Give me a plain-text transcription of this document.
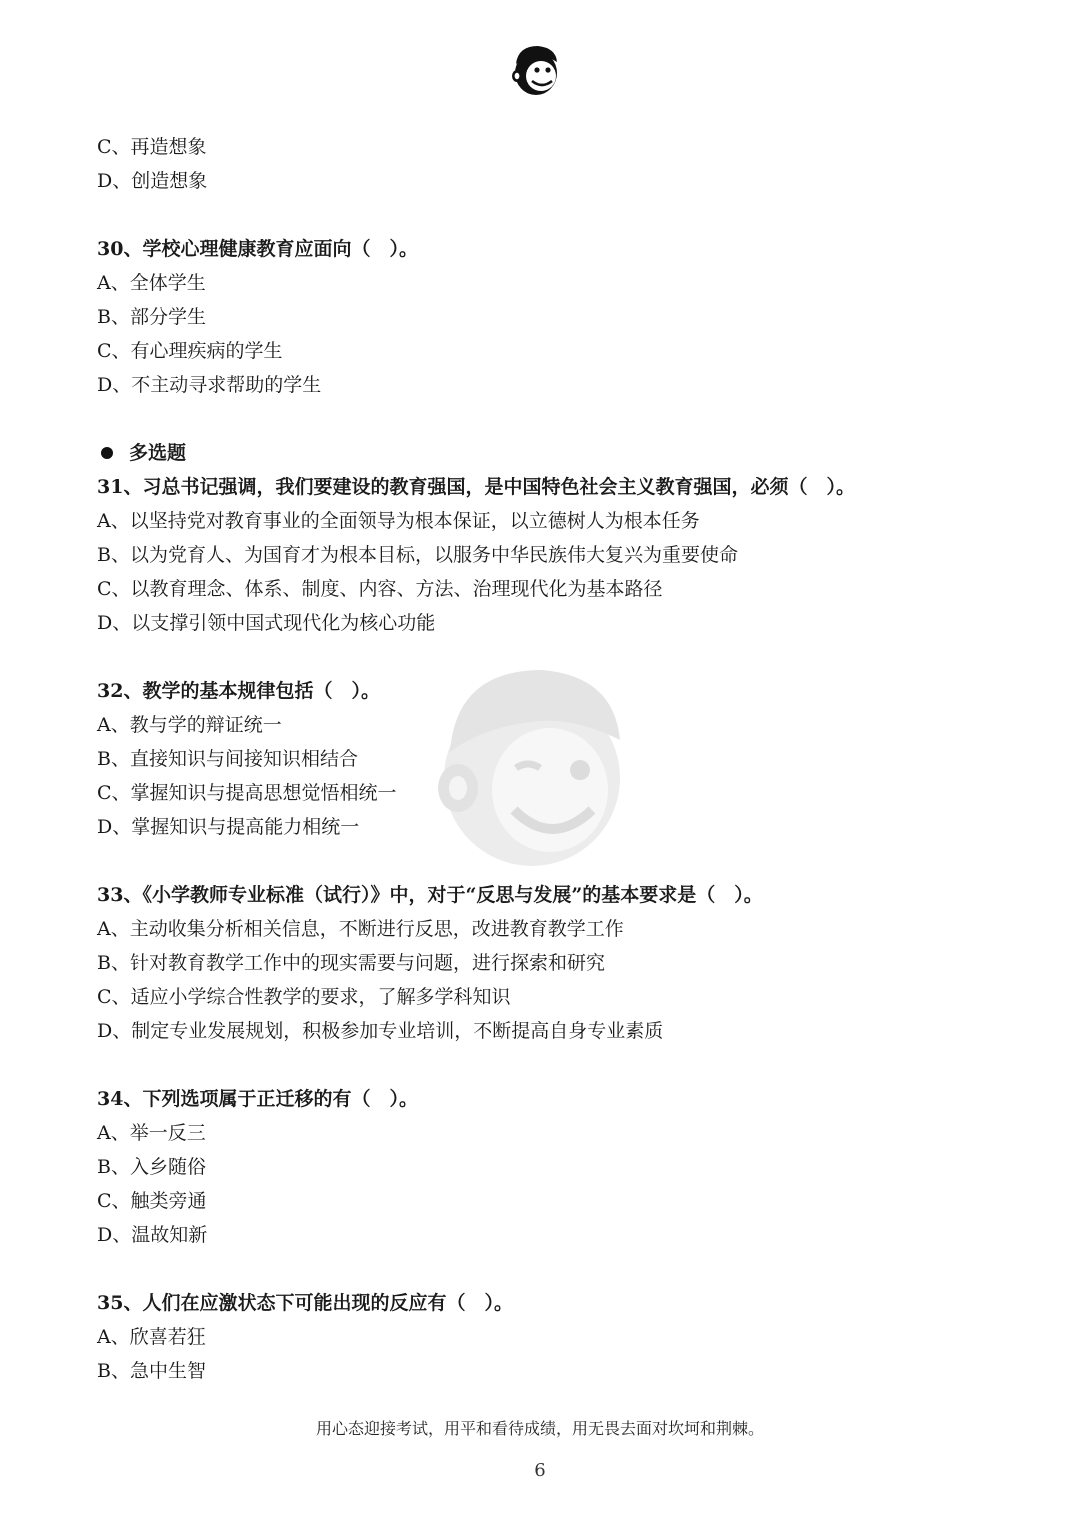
C、再造想象
D、创造想象
30、学校心理健康教育应面向（　）。
A、全体学生
B、部分学生
C、有心理疾病的学生
D、不主动寻求帮助的学生
多选题
31、习总书记强调，我们要建设的教育强国，是中国特色社会主义教育强国，必须（　）。
A、以坚持党对教育事业的全面领导为根本保证，以立德树人为根本任务
B、以为党育人、为国育才为根本目标，以服务中华民族伟大复兴为重要使命
C、以教育理念、体系、制度、内容、方法、治理现代化为基本路径
D、以支撑引领中国式现代化为核心功能
32、教学的基本规律包括（　）。
A、教与学的辩证统一
B、直接知识与间接知识相结合
C、掌握知识与提高思想觉悟相统一
D、掌握知识与提高能力相统一
33、《小学教师专业标准（试行）》中，对于“反思与发展”的基本要求是（　）。
A、主动收集分析相关信息，不断进行反思，改进教育教学工作
B、针对教育教学工作中的现实需要与问题，进行探索和研究
C、适应小学综合性教学的要求，了解多学科知识
D、制定专业发展规划，积极参加专业培训，不断提高自身专业素质
34、下列选项属于正迁移的有（　）。
A、举一反三
B、入乡随俗
C、触类旁通
D、温故知新
35、人们在应激状态下可能出现的反应有（　）。
A、欣喜若狂
B、急中生智
用心态迎接考试，用平和看待成绩，用无畏去面对坎坷和荆棘。
6
